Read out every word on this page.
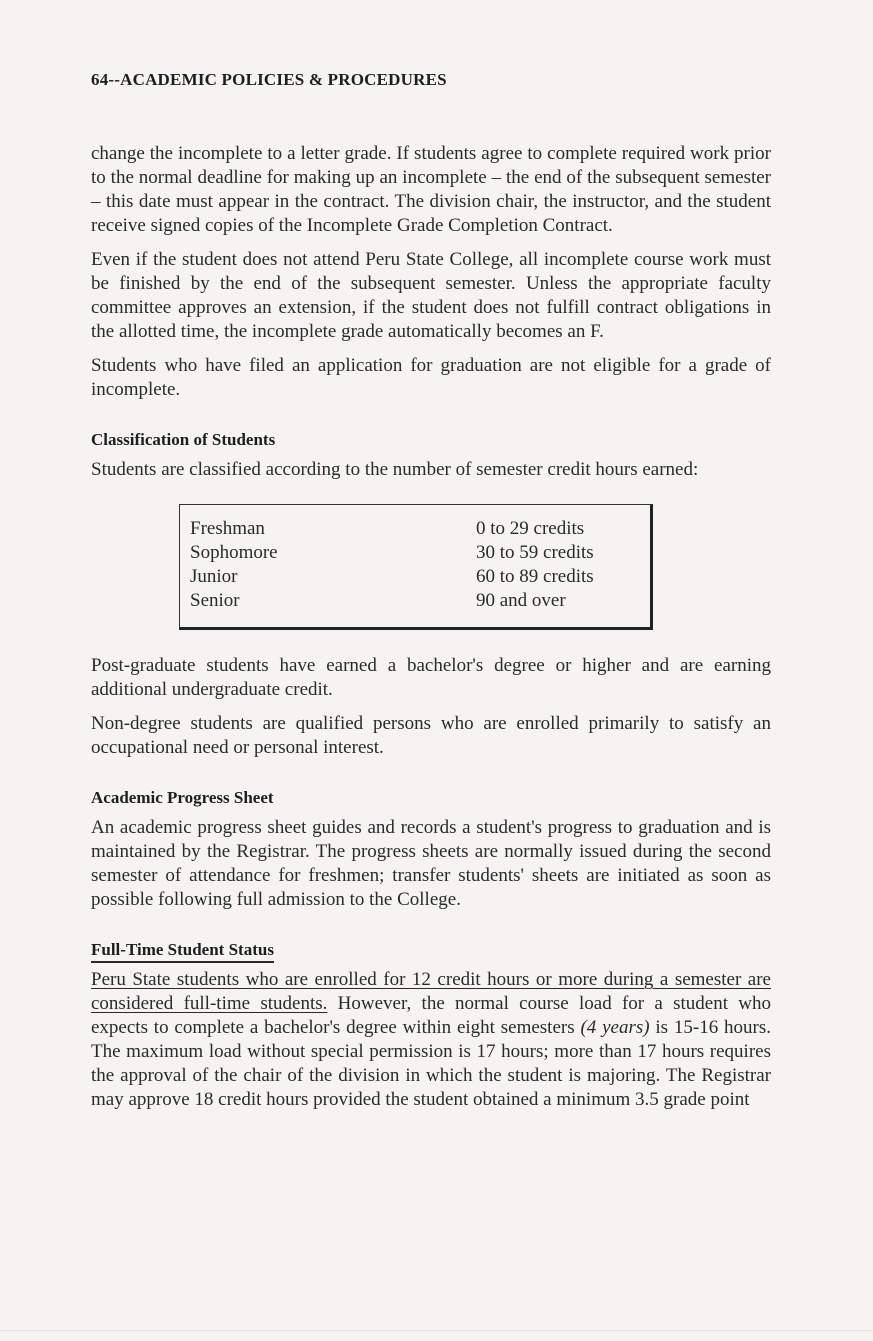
64--ACADEMIC POLICIES & PROCEDURES

change the incomplete to a letter grade. If students agree to complete required work prior to the normal deadline for making up an incomplete – the end of the subsequent semester – this date must appear in the contract. The division chair, the instructor, and the student receive signed copies of the Incomplete Grade Completion Contract.

Even if the student does not attend Peru State College, all incomplete course work must be finished by the end of the subsequent semester. Unless the appropriate faculty committee approves an extension, if the student does not fulfill contract obligations in the allotted time, the incomplete grade automatically becomes an F.

Students who have filed an application for graduation are not eligible for a grade of incomplete.

Classification of Students

Students are classified according to the number of semester credit hours earned:

Freshman	0 to 29 credits
Sophomore	30 to 59 credits
Junior	60 to 89 credits
Senior	90 and over

Post-graduate students have earned a bachelor's degree or higher and are earning additional undergraduate credit.

Non-degree students are qualified persons who are enrolled primarily to satisfy an occupational need or personal interest.

Academic Progress Sheet

An academic progress sheet guides and records a student's progress to graduation and is maintained by the Registrar. The progress sheets are normally issued during the second semester of attendance for freshmen; transfer students' sheets are initiated as soon as possible following full admission to the College.

Full-Time Student Status

Peru State students who are enrolled for 12 credit hours or more during a semester are considered full-time students. However, the normal course load for a student who expects to complete a bachelor's degree within eight semesters (4 years) is 15-16 hours. The maximum load without special permission is 17 hours; more than 17 hours requires the approval of the chair of the division in which the student is majoring. The Registrar may approve 18 credit hours provided the student obtained a minimum 3.5 grade point
